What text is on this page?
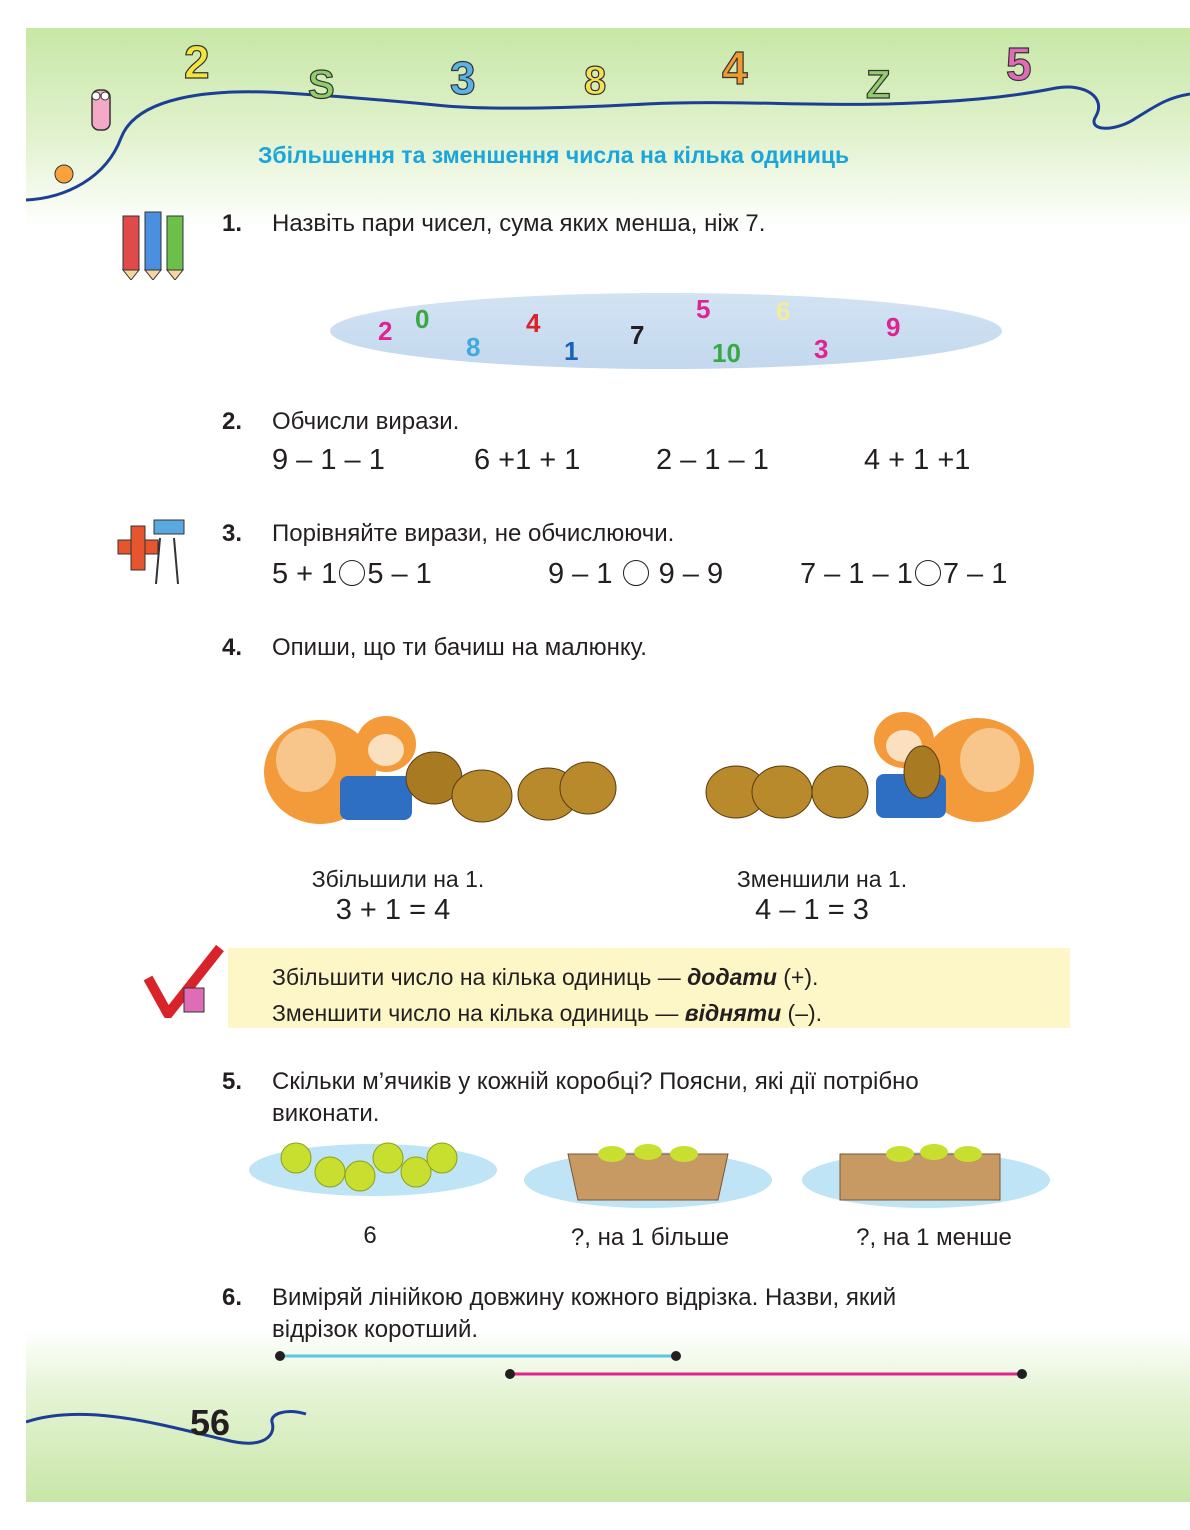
2 S	3	8	4	Z	5
Збільшення та зменшення числа на кілька одиниць
1. Назвіть пари чисел, сума яких менша, ніж 7.
2 0
8
4
1
7
5
10
6
3
9
2. Обчисли вирази.
9 – 1 – 1	6 +1 + 1	2 – 1 – 1	4 + 1 +1
3. Порівняйте вирази, не обчислюючи.
5 + 1 5 – 1	9 – 1 9 – 9	7 – 1 – 1 7 – 1
4. Опиши, що ти бачиш на малюнку.
Збільшили на 1.
3 + 1 = 4
Зменшили на 1.
4 – 1 = 3
Збільшити число на кілька одиниць — додати (+).
Зменшити число на кілька одиниць — відняти (–).
5. Скільки м’ячиків у кожній коробці? Поясни, які дії потрібно
виконати.
6	?, на 1 більше	?, на 1 менше
6. Виміряй лінійкою довжину кожного відрізка. Назви, який
відрізок коротший.
56
